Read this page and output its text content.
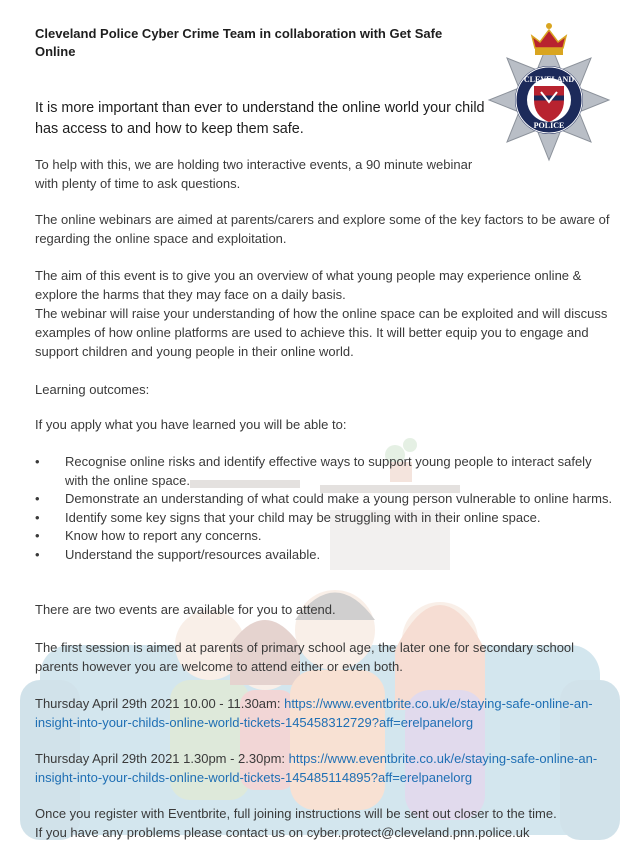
Cleveland Police Cyber Crime Team in collaboration with Get Safe Online
CLEVELAND
POLICE
It is more important than ever to understand the online world your child has access to and how to keep them safe.
To help with this, we are holding two interactive events, a 90 minute webinar with plenty of time to ask questions.
The online webinars are aimed at parents/carers and explore some of the key factors to be aware of regarding the online space and exploitation.
The aim of this event is to give you an overview of what young people may experience online & explore the harms that they may face on a daily basis.
The webinar will raise your understanding of how the online space can be exploited and will discuss examples of how online platforms are used to achieve this. It will better equip you to engage and support children and young people in their online world.
Learning outcomes:
If you apply what you have learned you will be able to:
• Recognise online risks and identify effective ways to support young people to interact safely with the online space.
• Demonstrate an understanding of what could make a young person vulnerable to online harms.
• Identify some key signs that your child may be struggling with in their online space.
• Know how to report any concerns.
• Understand the support/resources available.
There are two events are available for you to attend.
The first session is aimed at parents of primary school age, the later one for secondary school parents however you are welcome to attend either or even both.
Thursday April 29th 2021 10.00 - 11.30am: https://www.eventbrite.co.uk/e/staying-safe-online-an-insight-into-your-childs-online-world-tickets-145458312729?aff=erelpanelorg
Thursday April 29th 2021 1.30pm - 2.30pm: https://www.eventbrite.co.uk/e/staying-safe-online-an-insight-into-your-childs-online-world-tickets-145485114895?aff=erelpanelorg
Once you register with Eventbrite, full joining instructions will be sent out closer to the time.
If you have any problems please contact us on cyber.protect@cleveland.pnn.police.uk
